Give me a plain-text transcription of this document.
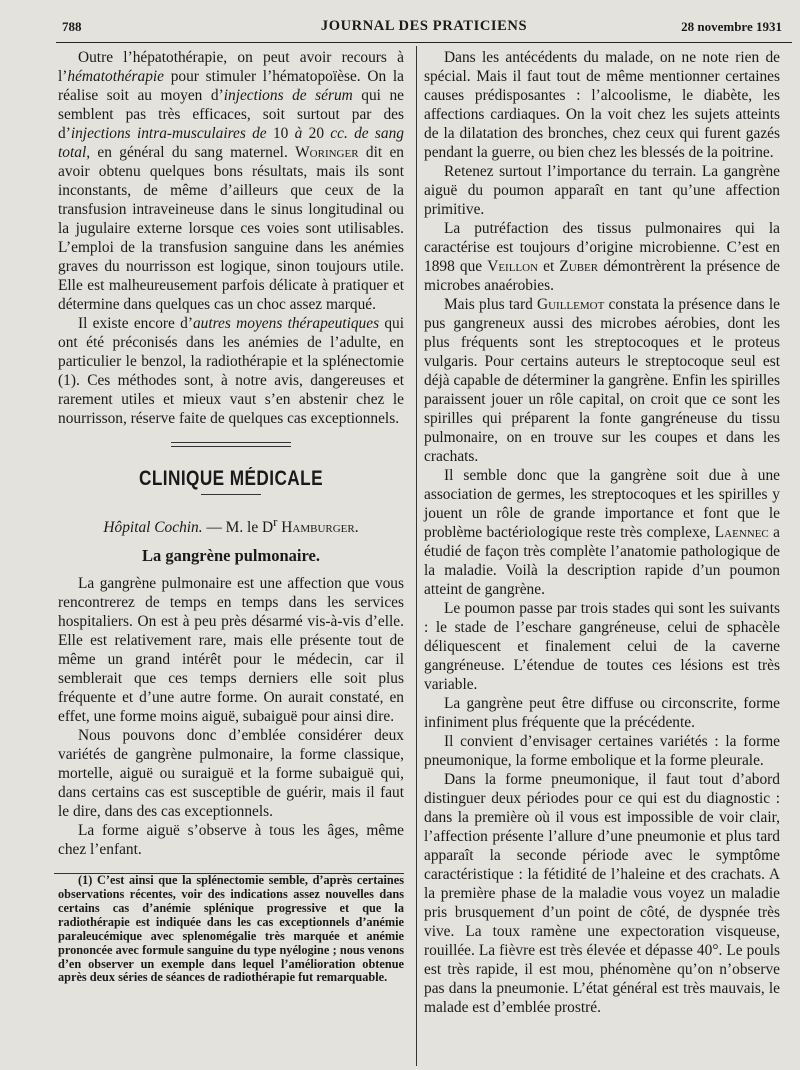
788	JOURNAL DES PRATICIENS	28 novembre 1931

Outre l’hépatothérapie, on peut avoir recours à l’hématothérapie pour stimuler l’hématopoïèse. On la réalise soit au moyen d’injections de sérum qui ne semblent pas très efficaces, soit surtout par des d’injections intra-musculaires de 10 à 20 cc. de sang total, en général du sang maternel. Woringer dit en avoir obtenu quelques bons résultats, mais ils sont inconstants, de même d’ailleurs que ceux de la transfusion intraveineuse dans le sinus longitudinal ou la jugulaire externe lorsque ces voies sont utilisables. L’emploi de la transfusion sanguine dans les anémies graves du nourrisson est logique, sinon toujours utile. Elle est malheureusement parfois délicate à pratiquer et détermine dans quelques cas un choc assez marqué.

Il existe encore d’autres moyens thérapeutiques qui ont été préconisés dans les anémies de l’adulte, en particulier le benzol, la radiothérapie et la splénectomie (1). Ces méthodes sont, à notre avis, dangereuses et rarement utiles et mieux vaut s’en abstenir chez le nourrisson, réserve faite de quelques cas exceptionnels.

CLINIQUE MÉDICALE
Hôpital Cochin. — M. le $D^r$ Hamburger.
La gangrène pulmonaire.

La gangrène pulmonaire est une affection que vous rencontrerez de temps en temps dans les services hospitaliers. On est à peu près désarmé vis-à-vis d’elle. Elle est relativement rare, mais elle présente tout de même un grand intérêt pour le médecin, car il semblerait que ces temps derniers elle soit plus fréquente et d’une autre forme. On aurait constaté, en effet, une forme moins aiguë, subaiguë pour ainsi dire.

Nous pouvons donc d’emblée considérer deux variétés de gangrène pulmonaire, la forme classique, mortelle, aiguë ou suraiguë et la forme subaiguë qui, dans certains cas est susceptible de guérir, mais il faut le dire, dans des cas exceptionnels.

La forme aiguë s’observe à tous les âges, même chez l’enfant.

(1) C’est ainsi que la splénectomie semble, d’après certaines observations récentes, voir des indications assez nouvelles dans certains cas d’anémie splénique progressive et que la radiothérapie est indiquée dans les cas exceptionnels d’anémie paraleucémique avec splenomégalie très marquée et anémie prononcée avec formule sanguine du type nyélogine ; nous venons d’en observer un exemple dans lequel l’amélioration obtenue après deux séries de séances de radiothérapie fut remarquable.

Dans les antécédents du malade, on ne note rien de spécial. Mais il faut tout de même mentionner certaines causes prédisposantes : l’alcoolisme, le diabète, les affections cardiaques. On la voit chez les sujets atteints de la dilatation des bronches, chez ceux qui furent gazés pendant la guerre, ou bien chez les blessés de la poitrine.

Retenez surtout l’importance du terrain. La gangrène aiguë du poumon apparaît en tant qu’une affection primitive.

La putréfaction des tissus pulmonaires qui la caractérise est toujours d’origine microbienne. C’est en 1898 que Veillon et Zuber démontrèrent la présence de microbes anaérobies.

Mais plus tard Guillemot constata la présence dans le pus gangreneux aussi des microbes aérobies, dont les plus fréquents sont les streptocoques et le proteus vulgaris. Pour certains auteurs le streptocoque seul est déjà capable de déterminer la gangrène. Enfin les spirilles paraissent jouer un rôle capital, on croit que ce sont les spirilles qui préparent la fonte gangréneuse du tissu pulmonaire, on en trouve sur les coupes et dans les crachats.

Il semble donc que la gangrène soit due à une association de germes, les streptocoques et les spirilles y jouent un rôle de grande importance et font que le problème bactériologique reste très complexe, Laennec a étudié de façon très complète l’anatomie pathologique de la maladie. Voilà la description rapide d’un poumon atteint de gangrène.

Le poumon passe par trois stades qui sont les suivants : le stade de l’eschare gangréneuse, celui de sphacèle déliquescent et finalement celui de la caverne gangréneuse. L’étendue de toutes ces lésions est très variable.

La gangrène peut être diffuse ou circonscrite, forme infiniment plus fréquente que la précédente.

Il convient d’envisager certaines variétés : la forme pneumonique, la forme embolique et la forme pleurale.

Dans la forme pneumonique, il faut tout d’abord distinguer deux périodes pour ce qui est du diagnostic : dans la première où il vous est impossible de voir clair, l’affection présente l’allure d’une pneumonie et plus tard apparaît la seconde période avec le symptôme caractéristique : la fétidité de l’haleine et des crachats. A la première phase de la maladie vous voyez un maladie pris brusquement d’un point de côté, de dyspnée très vive. La toux ramène une expectoration visqueuse, rouillée. La fièvre est très élevée et dépasse 40°. Le pouls est très rapide, il est mou, phénomène qu’on n’observe pas dans la pneumonie. L’état général est très mauvais, le malade est d’emblée prostré.
